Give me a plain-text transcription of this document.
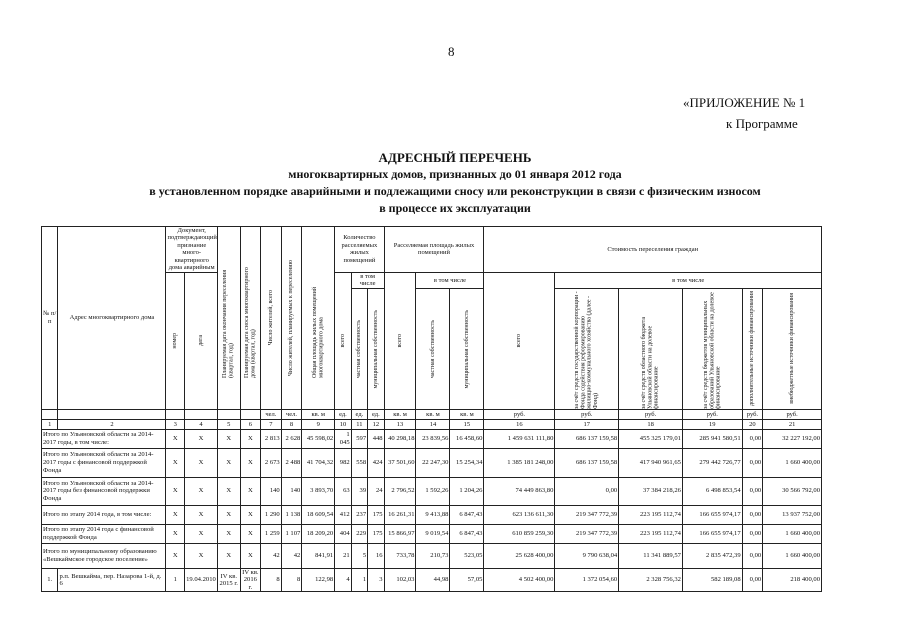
8
«ПРИЛОЖЕНИЕ № 1
к Программе
АДРЕСНЫЙ ПЕРЕЧЕНЬ
многоквартирных домов, признанных до 01 января 2012 года
в установленном порядке аварийными и подлежащими сносу или реконструкции в связи с физическим износом
в процессе их эксплуатации
№ п/п	Адрес многоквартирного дома	Документ, подтверждающий признание много-квартирного дома аварийным		Планируемая дата окончания переселения (квартал, год)	Планируемая дата сноса многоквартирного дома (квартал, год)	Число жителей, всего	Число жителей, планируемых к переселению	Общая площадь жилых помещений многоквартирного дома	Количество расселяемых жилых помещений			Расселяемая площадь жилых помещений			Стоимость переселения граждан					

		номер	дата						всего	в том числе		всего	в том числе		всего	в том числе				

										частная собственность	муниципальная собственность		частная собственность	муниципальная собственность		за счёт средств государственной корпорации - Фонда содействия реформированию жилищно-коммунального хозяйства (далее - Фонд)	за счёт средств областного бюджета Ульяновской области на долевое финансирование	за счёт средств бюджетов муниципальных образований Ульяновской области на долевое финансирование	дополнительные источники финансирования	внебюджетные источники финансирования

						чел.	чел.	кв. м	ед.	ед.	ед.	кв. м	кв. м	кв. м	руб.	руб.	руб.	руб.	руб.	руб.
1	2	3	4	5	6	7	8	9	10	11	12	13	14	15	16	17	18	19	20	21
Итого по Ульяновской области за 2014-2017 годы, в том числе:		Х	Х	Х	Х	2 813	2 628	45 598,02	1 045	597	448	40 298,18	23 839,56	16 458,60	1 459 631 111,80	686 137 159,58	455 325 179,01	285 941 580,51	0,00	32 227 192,00
Итого по Ульяновской области за 2014-2017 годы с финансовой поддержкой Фонда		Х	Х	Х	Х	2 673	2 488	41 704,32	982	558	424	37 501,60	22 247,30	15 254,34	1 385 181 248,00	686 137 159,58	417 940 961,65	279 442 726,77	0,00	1 660 400,00
Итого по Ульяновской области за 2014-2017 годы без финансовой поддержки Фонда		Х	Х	Х	Х	140	140	3 893,70	63	39	24	2 796,52	1 592,26	1 204,26	74 449 863,80	0,00	37 384 218,26	6 498 853,54	0,00	30 566 792,00
Итого по этапу 2014 года, в том числе:		Х	Х	Х	Х	1 290	1 138	18 609,54	412	237	175	16 261,31	9 413,88	6 847,43	623 136 611,30	219 347 772,39	223 195 112,74	166 655 974,17	0,00	13 937 752,00
Итого по этапу 2014 года с финансовой поддержкой Фонда		Х	Х	Х	Х	1 259	1 107	18 209,20	404	229	175	15 866,97	9 019,54	6 847,43	610 859 259,30	219 347 772,39	223 195 112,74	166 655 974,17	0,00	1 660 400,00
Итого по муниципальному образованию «Вешкаймское городское поселение»		Х	Х	Х	Х	42	42	841,91	21	5	16	733,78	210,73	523,05	25 628 400,00	9 790 638,04	11 341 889,57	2 835 472,39	0,00	1 660 400,00
1.	р.п. Вешкайма, пер. Назарова 1-й, д. 6	1	19.04.2010	IV кв. 2015 г.	IV кв. 2016 г.	8	8	122,98	4	1	3	102,03	44,98	57,05	4 502 400,00	1 372 054,60	2 328 756,32	582 189,08	0,00	218 400,00
